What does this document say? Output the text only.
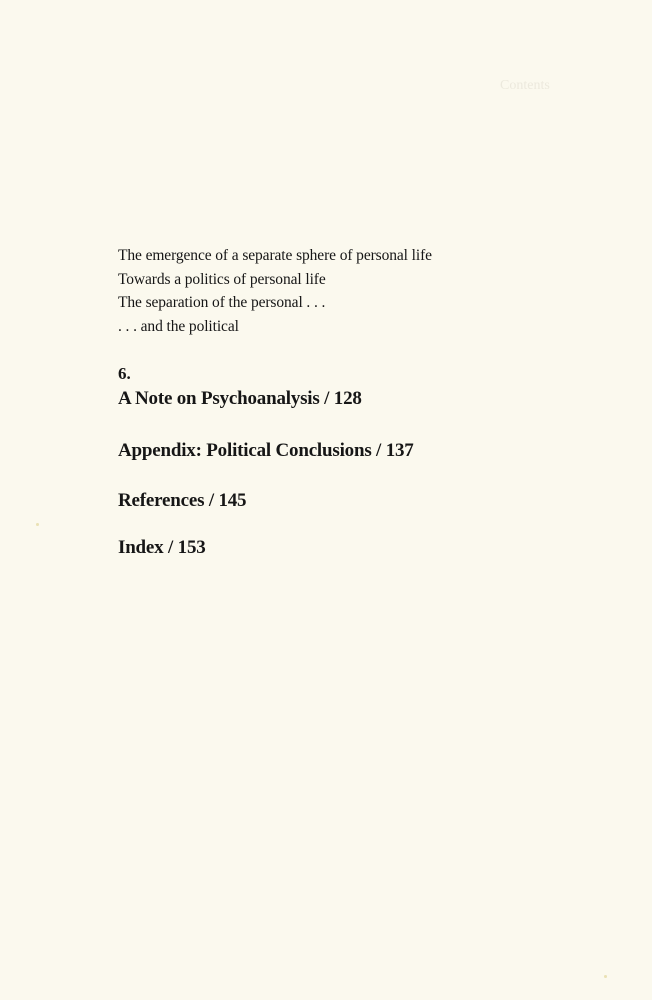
Contents
The emergence of a separate sphere of personal life
Towards a politics of personal life
The separation of the personal . . .
. . . and the political
6.
A Note on Psychoanalysis / 128
Appendix: Political Conclusions / 137
References / 145
Index / 153
